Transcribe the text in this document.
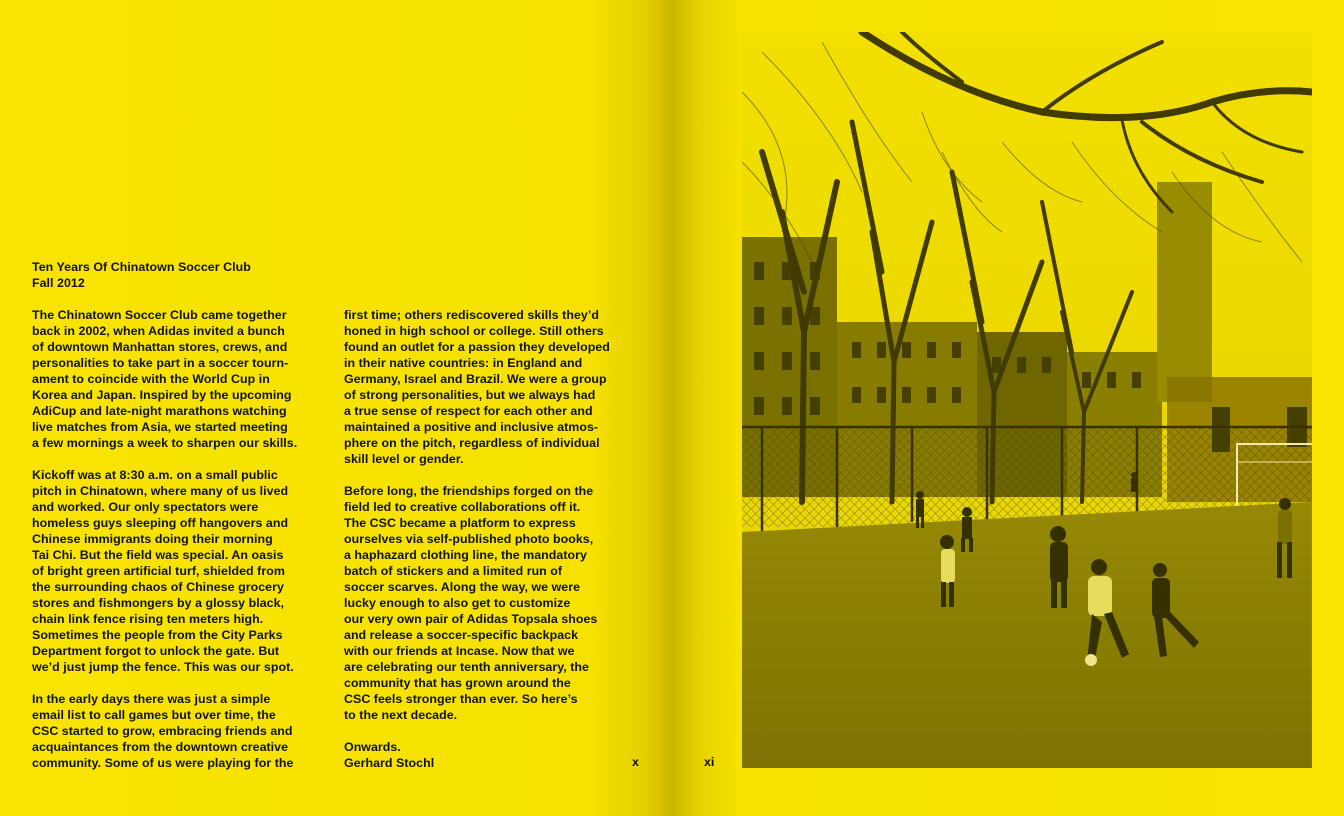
Ten Years Of Chinatown Soccer Club
Fall 2012

The Chinatown Soccer Club came together
back in 2002, when Adidas invited a bunch
of downtown Manhattan stores, crews, and
personalities to take part in a soccer tourn-
ament to coincide with the World Cup in
Korea and Japan. Inspired by the upcoming
AdiCup and late-night marathons watching
live matches from Asia, we started meeting
a few mornings a week to sharpen our skills.

Kickoff was at 8:30 a.m. on a small public
pitch in Chinatown, where many of us lived
and worked. Our only spectators were
homeless guys sleeping off hangovers and
Chinese immigrants doing their morning
Tai Chi. But the field was special. An oasis
of bright green artificial turf, shielded from
the surrounding chaos of Chinese grocery
stores and fishmongers by a glossy black,
chain link fence rising ten meters high.
Sometimes the people from the City Parks
Department forgot to unlock the gate. But
we’d just jump the fence. This was our spot.

In the early days there was just a simple
email list to call games but over time, the
CSC started to grow, embracing friends and
acquaintances from the downtown creative
community. Some of us were playing for the

first time; others rediscovered skills they’d
honed in high school or college. Still others
found an outlet for a passion they developed
in their native countries: in England and
Germany, Israel and Brazil. We were a group
of strong personalities, but we always had
a true sense of respect for each other and
maintained a positive and inclusive atmos-
phere on the pitch, regardless of individual
skill level or gender.

Before long, the friendships forged on the
field led to creative collaborations off it.
The CSC became a platform to express
ourselves via self-published photo books,
a haphazard clothing line, the mandatory
batch of stickers and a limited run of
soccer scarves. Along the way, we were
lucky enough to also get to customize
our very own pair of Adidas Topsala shoes
and release a soccer-specific backpack
with our friends at Incase. Now that we
are celebrating our tenth anniversary, the
community that has grown around the
CSC feels stronger than ever. So here’s
to the next decade.

Onwards.
Gerhard Stochl	x	xi
